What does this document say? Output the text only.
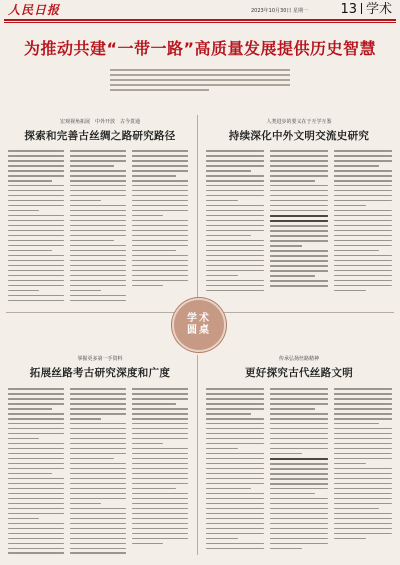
人民日报	2023年10月30日 星期一 13 学术
为推动共建“一带一路”高质量发展提供历史智慧
宏观视角拓展　中外开放　古今贯通
探索和完善古丝绸之路研究路径
人类进步的要义在于互学互鉴
持续深化中外文明交流史研究
学术
圆桌
掌握更多第一手资料
拓展丝路考古研究深度和广度
传承弘扬丝路精神
更好探究古代丝路文明
